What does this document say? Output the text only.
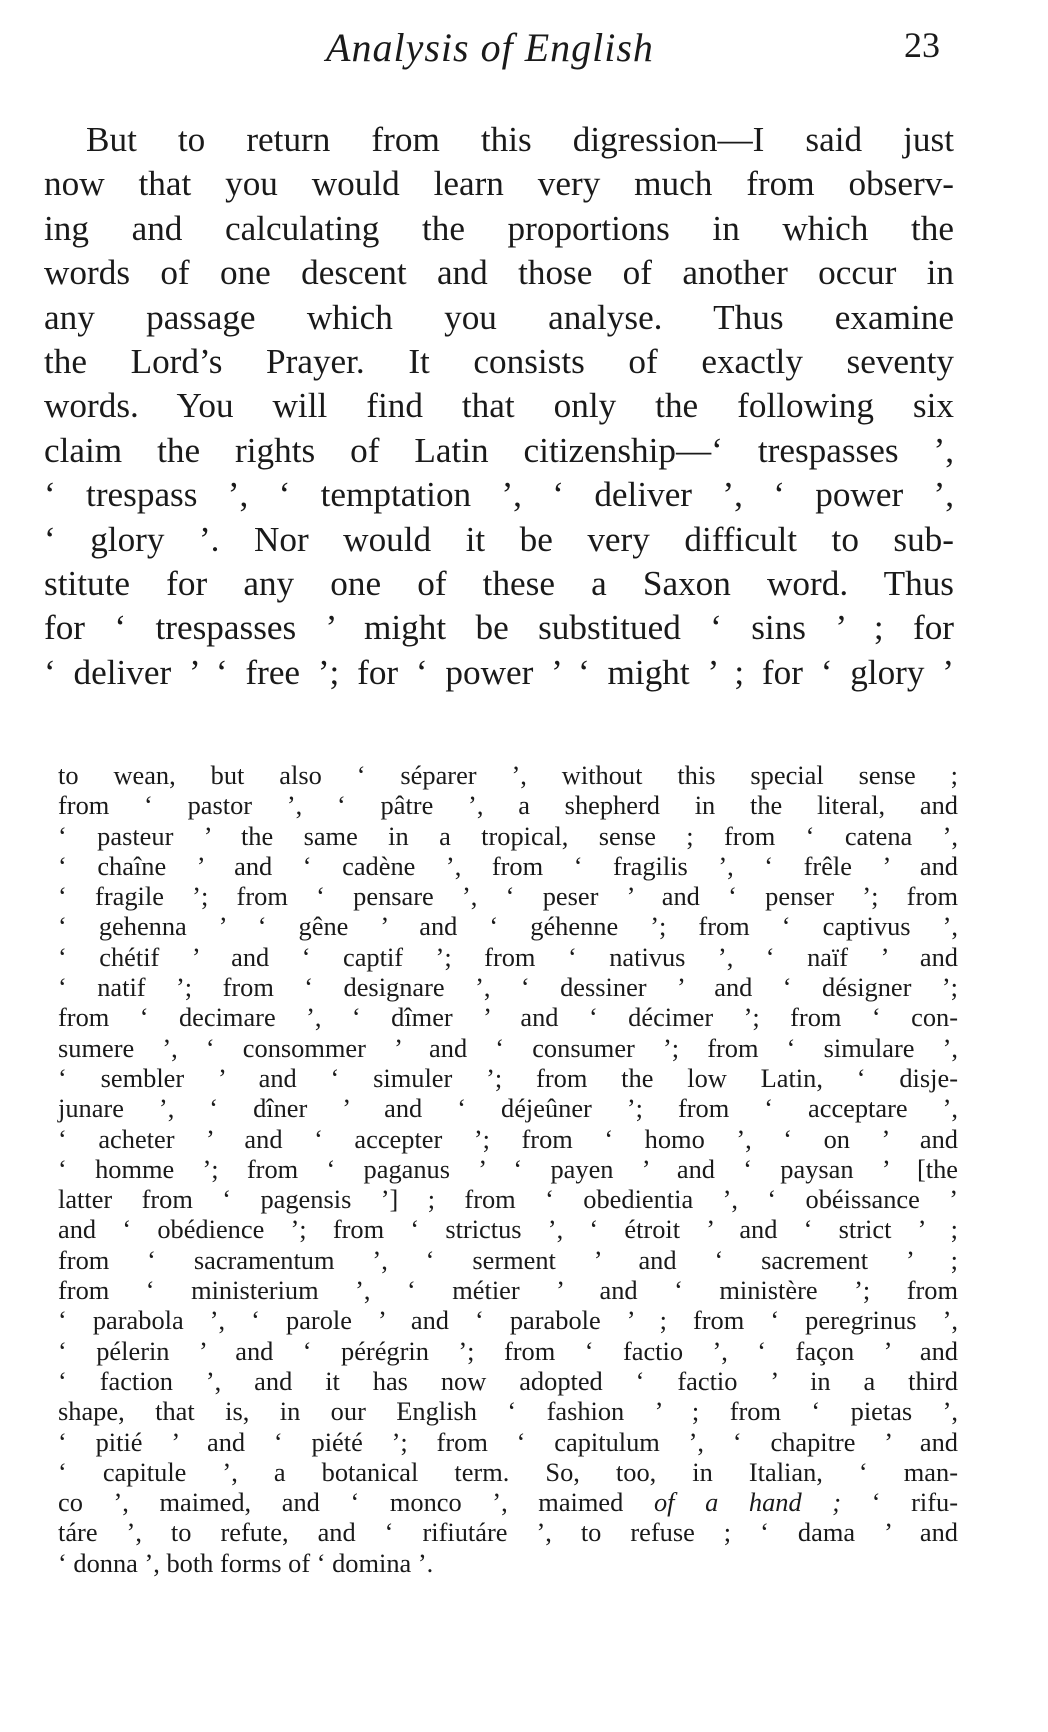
Analysis of English	23
But to return from this digression—I said just
now that you would learn very much from observ-
ing and calculating the proportions in which the
words of one descent and those of another occur in
any passage which you analyse. Thus examine
the Lord’s Prayer. It consists of exactly seventy
words. You will find that only the following six
claim the rights of Latin citizenship—‘ trespasses ’,
‘ trespass ’, ‘ temptation ’, ‘ deliver ’, ‘ power ’,
‘ glory ’. Nor would it be very difficult to sub-
stitute for any one of these a Saxon word. Thus
for ‘ trespasses ’ might be substitued ‘ sins ’ ; for
‘ deliver ’ ‘ free ’; for ‘ power ’ ‘ might ’ ; for ‘ glory ’
to wean, but also ‘ séparer ’, without this special sense ;
from ‘ pastor ’, ‘ pâtre ’, a shepherd in the literal, and
‘ pasteur ’ the same in a tropical, sense ; from ‘ catena ’,
‘ chaîne ’ and ‘ cadène ’, from ‘ fragilis ’, ‘ frêle ’ and
‘ fragile ’; from ‘ pensare ’, ‘ peser ’ and ‘ penser ’; from
‘ gehenna ’ ‘ gêne ’ and ‘ géhenne ’; from ‘ captivus ’,
‘ chétif ’ and ‘ captif ’; from ‘ nativus ’, ‘ naïf ’ and
‘ natif ’; from ‘ designare ’, ‘ dessiner ’ and ‘ désigner ’;
from ‘ decimare ’, ‘ dîmer ’ and ‘ décimer ’; from ‘ con-
sumere ’, ‘ consommer ’ and ‘ consumer ’; from ‘ simulare ’,
‘ sembler ’ and ‘ simuler ’; from the low Latin, ‘ disje-
junare ’, ‘ dîner ’ and ‘ déjeûner ’; from ‘ acceptare ’,
‘ acheter ’ and ‘ accepter ’; from ‘ homo ’, ‘ on ’ and
‘ homme ’; from ‘ paganus ’ ‘ payen ’ and ‘ paysan ’ [the
latter from ‘ pagensis ’] ; from ‘ obedientia ’, ‘ obéissance ’
and ‘ obédience ’; from ‘ strictus ’, ‘ étroit ’ and ‘ strict ’ ;
from ‘ sacramentum ’, ‘ serment ’ and ‘ sacrement ’ ;
from ‘ ministerium ’, ‘ métier ’ and ‘ ministère ’; from
‘ parabola ’, ‘ parole ’ and ‘ parabole ’ ; from ‘ peregrinus ’,
‘ pélerin ’ and ‘ pérégrin ’; from ‘ factio ’, ‘ façon ’ and
‘ faction ’, and it has now adopted ‘ factio ’ in a third
shape, that is, in our English ‘ fashion ’ ; from ‘ pietas ’,
‘ pitié ’ and ‘ piété ’; from ‘ capitulum ’, ‘ chapitre ’ and
‘ capitule ’, a botanical term. So, too, in Italian, ‘ man-
co ’, maimed, and ‘ monco ’, maimed of a hand ; ‘ rifu-
táre ’, to refute, and ‘ rifiutáre ’, to refuse ; ‘ dama ’ and
‘ donna ’, both forms of ‘ domina ’.
